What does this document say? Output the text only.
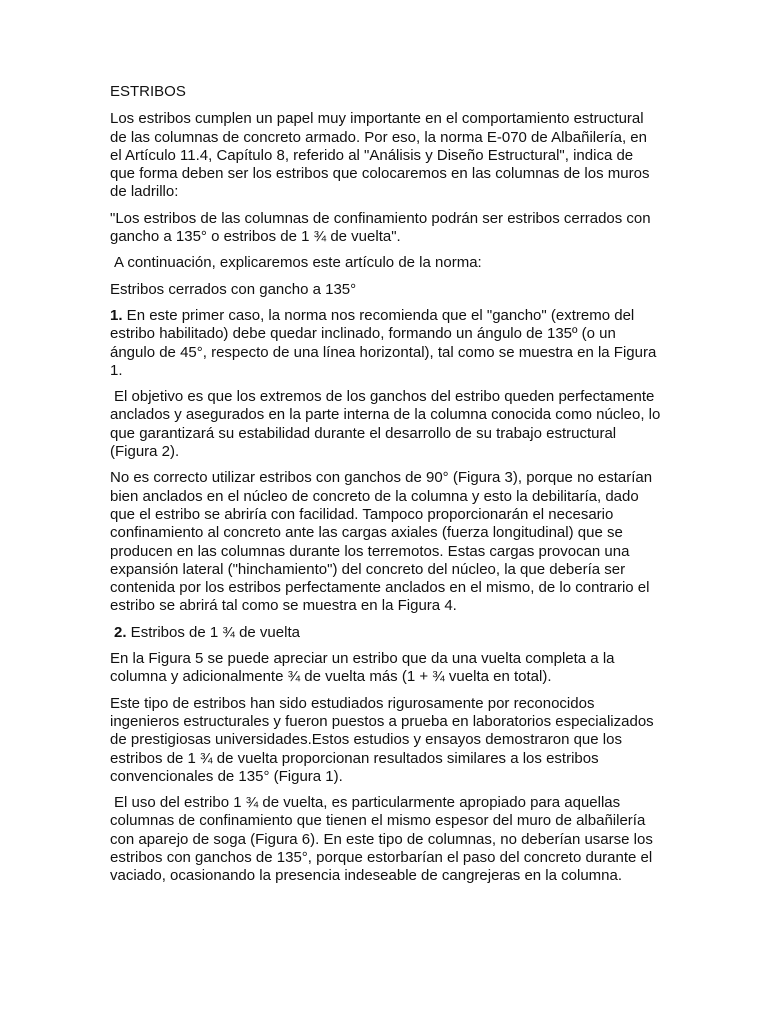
ESTRIBOS

Los estribos cumplen un papel muy importante en el comportamiento estructural de las columnas de concreto armado. Por eso, la norma E-070 de Albañilería, en el Artículo 11.4, Capítulo 8, referido al "Análisis y Diseño Estructural", indica de que forma deben ser los estribos que colocaremos en las columnas de los muros de ladrillo:

"Los estribos de las columnas de confinamiento podrán ser estribos cerrados con gancho a 135° o estribos de 1 ¾ de vuelta".

A continuación, explicaremos este artículo de la norma:

Estribos cerrados con gancho a 135°

1. En este primer caso, la norma nos recomienda que el "gancho" (extremo del estribo habilitado) debe quedar inclinado, formando un ángulo de 135º (o un ángulo de 45°, respecto de una línea horizontal), tal como se muestra en la Figura 1.

El objetivo es que los extremos de los ganchos del estribo queden perfectamente anclados y asegurados en la parte interna de la columna conocida como núcleo, lo que garantizará su estabilidad durante el desarrollo de su trabajo estructural (Figura 2).

No es correcto utilizar estribos con ganchos de 90° (Figura 3), porque no estarían bien anclados en el núcleo de concreto de la columna y esto la debilitaría, dado que el estribo se abriría con facilidad. Tampoco proporcionarán el necesario confinamiento al concreto ante las cargas axiales (fuerza longitudinal) que se producen en las columnas durante los terremotos. Estas cargas provocan una expansión lateral ("hinchamiento") del concreto del núcleo, la que debería ser contenida por los estribos perfectamente anclados en el mismo, de lo contrario el estribo se abrirá tal como se muestra en la Figura 4.

2. Estribos de 1 ¾ de vuelta

En la Figura 5 se puede apreciar un estribo que da una vuelta completa a la columna y adicionalmente ¾ de vuelta más (1 + ¾ vuelta en total).

Este tipo de estribos han sido estudiados rigurosamente por reconocidos ingenieros estructurales y fueron puestos a prueba en laboratorios especializados de prestigiosas universidades.Estos estudios y ensayos demostraron que los estribos de 1 ¾ de vuelta proporcionan resultados similares a los estribos convencionales de 135° (Figura 1).

El uso del estribo 1 ¾ de vuelta, es particularmente apropiado para aquellas columnas de confinamiento que tienen el mismo espesor del muro de albañilería con aparejo de soga (Figura 6). En este tipo de columnas, no deberían usarse los estribos con ganchos de 135°, porque estorbarían el paso del concreto durante el vaciado, ocasionando la presencia indeseable de cangrejeras en la columna.
